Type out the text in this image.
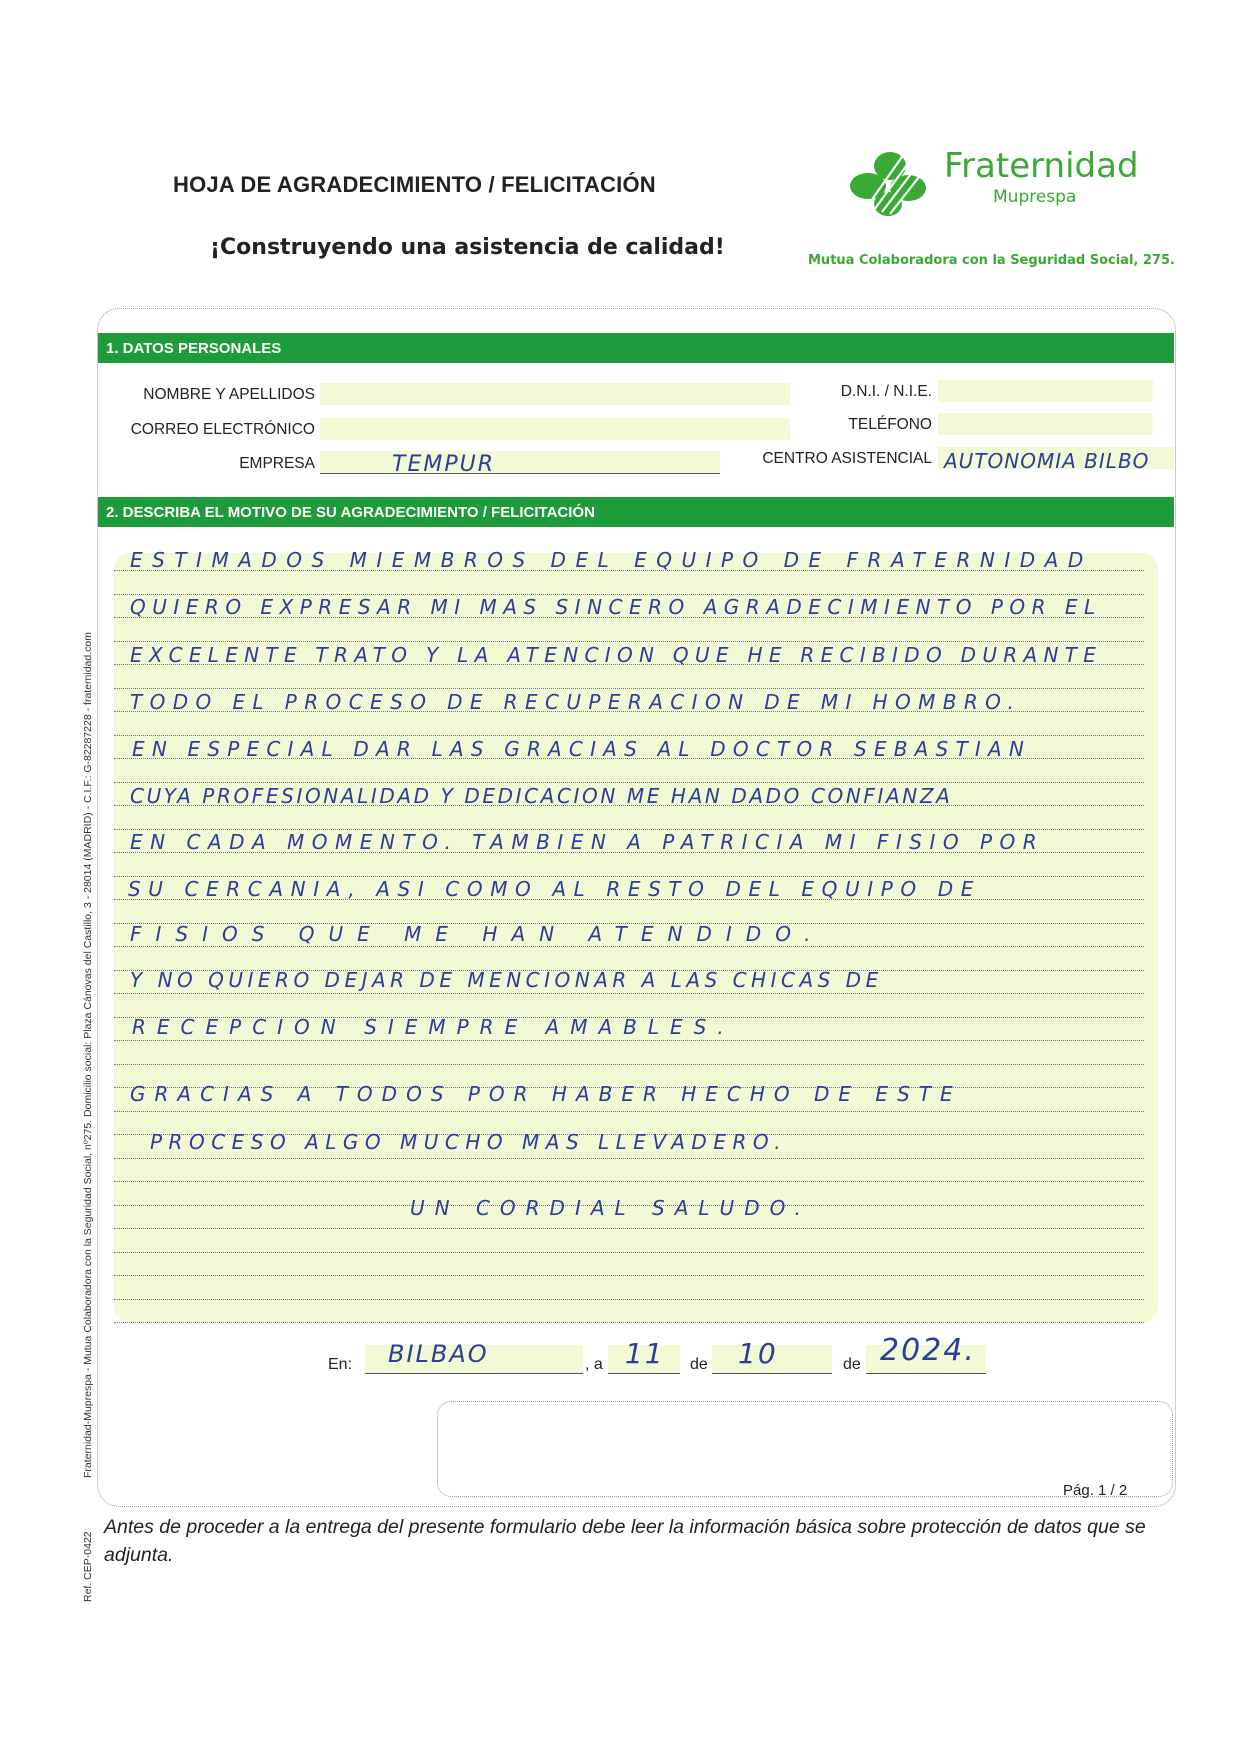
HOJA DE AGRADECIMIENTO / FELICITACIÓN
¡Construyendo una asistencia de calidad!
Fraternidad
Muprespa
Mutua Colaboradora con la Seguridad Social, 275.
Fraternidad-Muprespa - Mutua Colaboradora con la Seguridad Social, nº275. Domicilio social: Plaza Cánovas del Castillo, 3 - 28014 (MADRID) - C.I.F.: G-82287228 - fraternidad.com
Ref. CEP-0422
1. DATOS PERSONALES
NOMBRE Y APELLIDOS	D.N.I. / N.I.E.
CORREO ELECTRÓNICO	TELÉFONO
EMPRESA	TEMPUR	CENTRO ASISTENCIAL AUTONOMIA BILBO
2. DESCRIBA EL MOTIVO DE SU AGRADECIMIENTO / FELICITACIÓN
ESTIMADOS MIEMBROS DEL EQUIPO DE FRATERNIDAD
QUIERO EXPRESAR MI MAS SINCERO AGRADECIMIENTO POR EL
EXCELENTE TRATO Y LA ATENCION QUE HE RECIBIDO DURANTE
TODO EL PROCESO DE RECUPERACION DE MI HOMBRO.
EN ESPECIAL DAR LAS GRACIAS AL DOCTOR SEBASTIAN
CUYA PROFESIONALIDAD Y DEDICACION ME HAN DADO CONFIANZA
EN CADA MOMENTO. TAMBIEN A PATRICIA MI FISIO POR
SU CERCANIA, ASI COMO AL RESTO DEL EQUIPO DE
FISIOS QUE ME HAN ATENDIDO.
Y NO QUIERO DEJAR DE MENCIONAR A LAS CHICAS DE
RECEPCION SIEMPRE AMABLES.
GRACIAS A TODOS POR HABER HECHO DE ESTE
PROCESO ALGO MUCHO MAS LLEVADERO.
UN CORDIAL SALUDO.
En: BILBAO	, a 11 de 10	de 2024.
Pág. 1 / 2
Antes de proceder a la entrega del presente formulario debe leer la información básica sobre protección de datos que se adjunta.
